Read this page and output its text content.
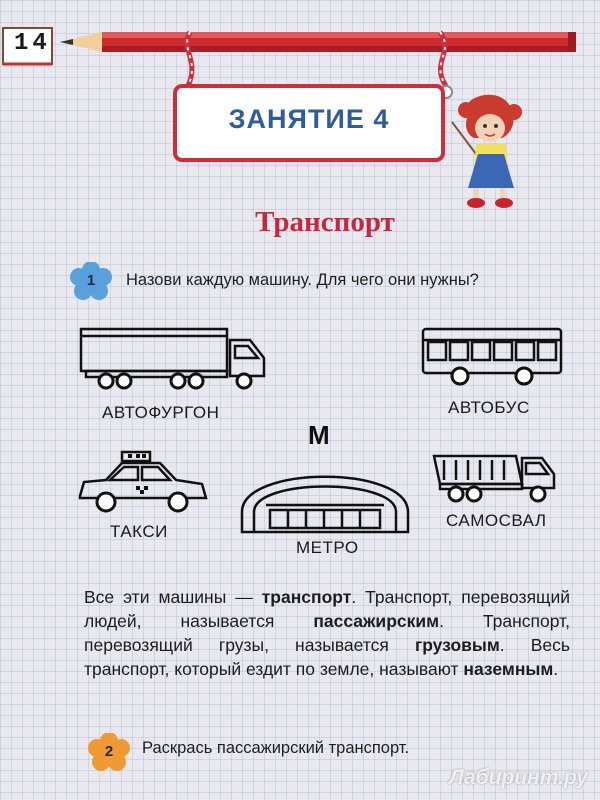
14
ЗАНЯТИЕ 4
Транспорт
1	Назови каждую машину. Для чего они нужны?
АВТОФУРГОН	АВТОБУС
ТАКСИ
М
МЕТРО
САМОСВАЛ
Все эти машины — транспорт. Транспорт, перевозящий людей, называется пассажирским. Транспорт, перевозящий грузы, называется грузовым. Весь транспорт, который ездит по земле, называют наземным.
2	Раскрась пассажирский транспорт.
Лабиринт.ру
